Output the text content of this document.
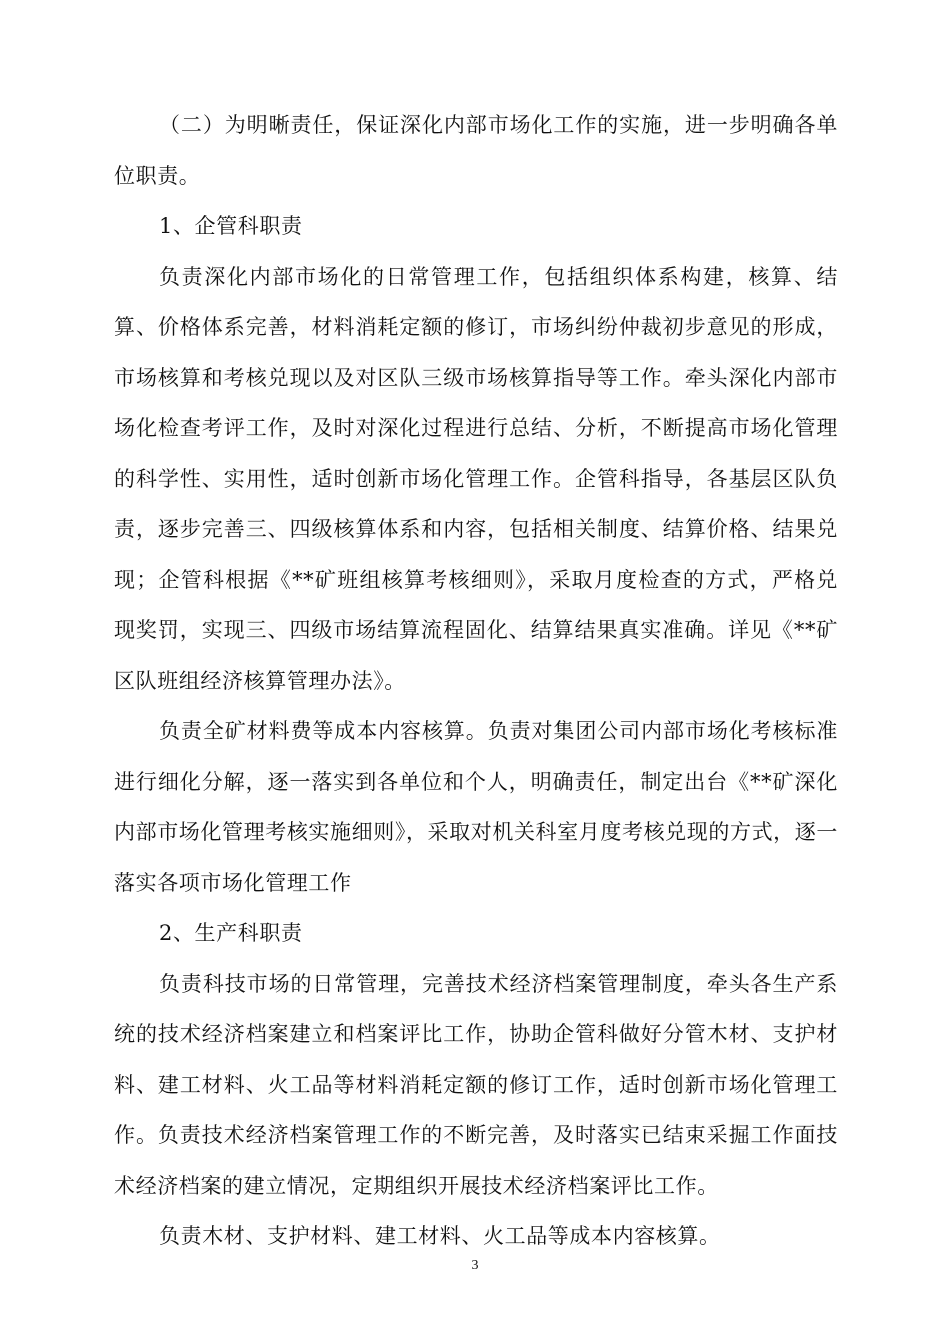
（二）为明晰责任，保证深化内部市场化工作的实施，进一步明确各单位职责。

1、企管科职责

负责深化内部市场化的日常管理工作，包括组织体系构建，核算、结算、价格体系完善，材料消耗定额的修订，市场纠纷仲裁初步意见的形成，市场核算和考核兑现以及对区队三级市场核算指导等工作。牵头深化内部市场化检查考评工作，及时对深化过程进行总结、分析，不断提高市场化管理的科学性、实用性，适时创新市场化管理工作。企管科指导，各基层区队负责，逐步完善三、四级核算体系和内容，包括相关制度、结算价格、结果兑现；企管科根据《**矿班组核算考核细则》，采取月度检查的方式，严格兑现奖罚，实现三、四级市场结算流程固化、结算结果真实准确。详见《**矿区队班组经济核算管理办法》。

负责全矿材料费等成本内容核算。负责对集团公司内部市场化考核标准进行细化分解，逐一落实到各单位和个人，明确责任，制定出台《**矿深化内部市场化管理考核实施细则》，采取对机关科室月度考核兑现的方式，逐一落实各项市场化管理工作

2、生产科职责

负责科技市场的日常管理，完善技术经济档案管理制度，牵头各生产系统的技术经济档案建立和档案评比工作，协助企管科做好分管木材、支护材料、建工材料、火工品等材料消耗定额的修订工作，适时创新市场化管理工作。负责技术经济档案管理工作的不断完善，及时落实已结束采掘工作面技术经济档案的建立情况，定期组织开展技术经济档案评比工作。

负责木材、支护材料、建工材料、火工品等成本内容核算。

3
